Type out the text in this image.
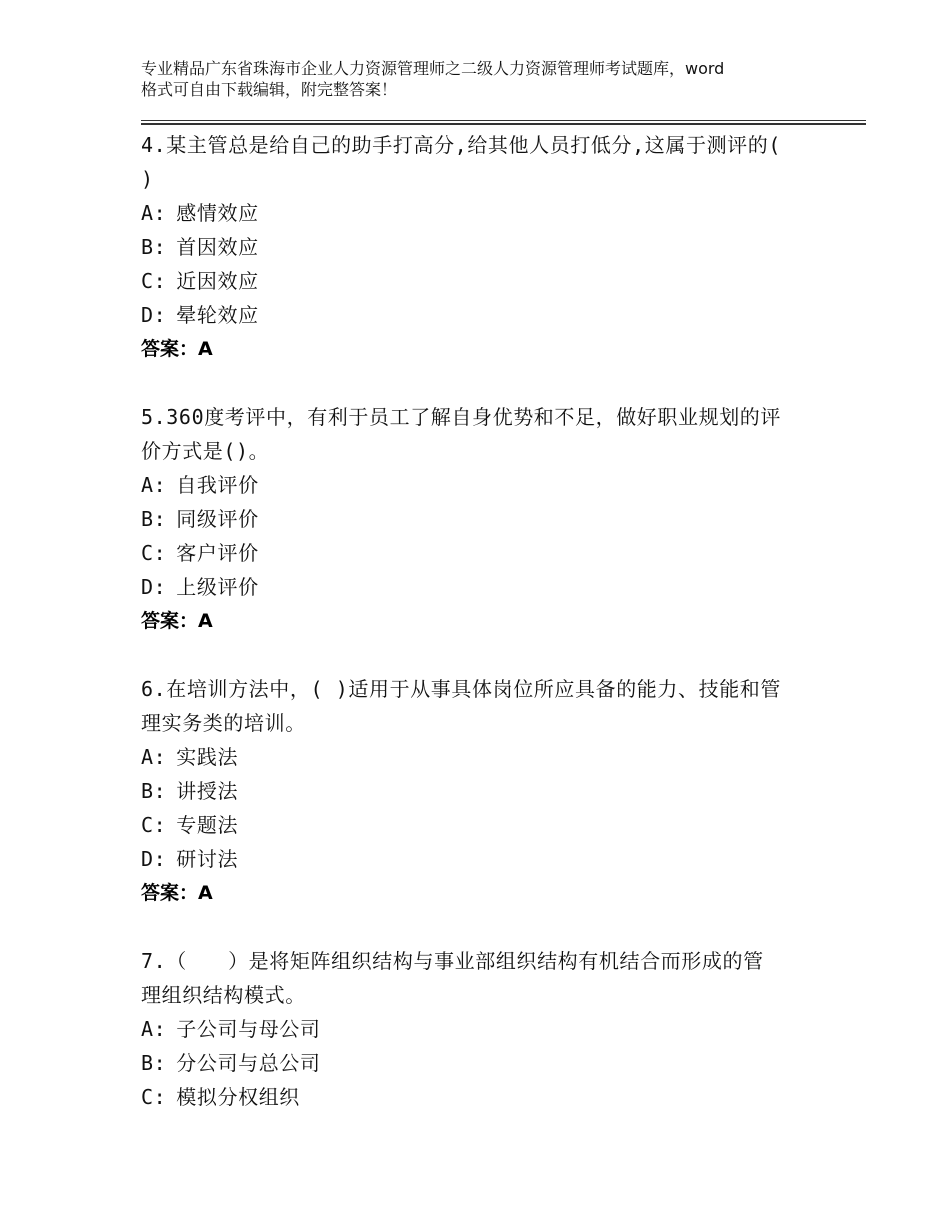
专业精品广东省珠海市企业人力资源管理师之二级人力资源管理师考试题库，word
格式可自由下载编辑，附完整答案！
4.某主管总是给自己的助手打高分,给其他人员打低分,这属于测评的(
)
A: 感情效应
B: 首因效应
C: 近因效应
D: 晕轮效应
答案：A
5.360度考评中，有利于员工了解自身优势和不足，做好职业规划的评
价方式是()。
A: 自我评价
B: 同级评价
C: 客户评价
D: 上级评价
答案：A
6.在培训方法中，( )适用于从事具体岗位所应具备的能力、技能和管
理实务类的培训。
A: 实践法
B: 讲授法
C: 专题法
D: 研讨法
答案：A
7.（　　）是将矩阵组织结构与事业部组织结构有机结合而形成的管
理组织结构模式。
A: 子公司与母公司
B: 分公司与总公司
C: 模拟分权组织
